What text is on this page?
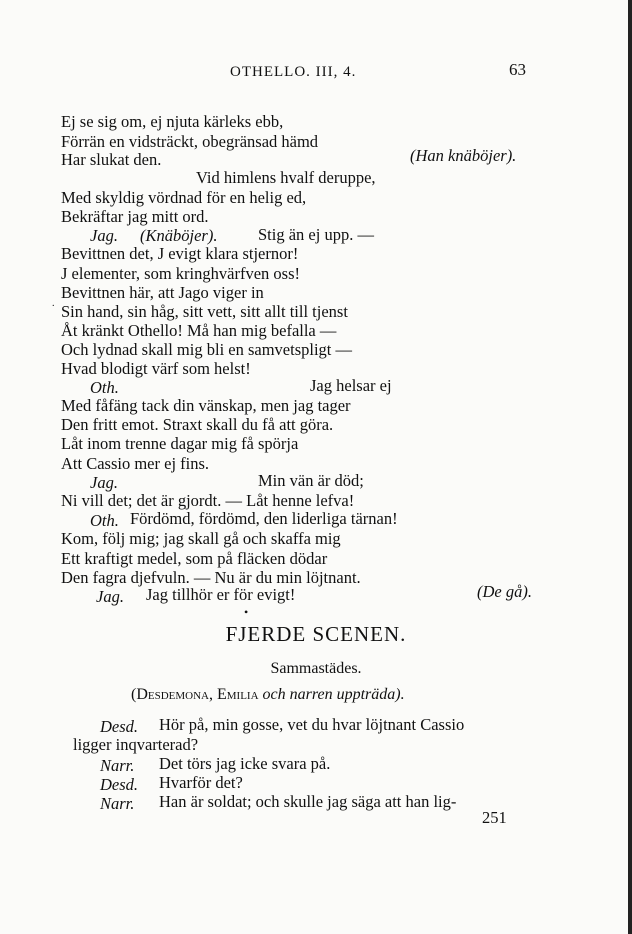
OTHELLO. III, 4.	63
Ej se sig om, ej njuta kärleks ebb,
Förrän en vidsträckt, obegränsad hämd
Har slukat den.	(Han knäböjer).
Vid himlens hvalf deruppe,
Med skyldig vördnad för en helig ed,
Bekräftar jag mitt ord.
Jag. (Knäböjer). Stig än ej upp. —
Bevittnen det, J evigt klara stjernor!
J elementer, som kringhvärfven oss!
Bevittnen här, att Jago viger in
Sin hand, sin håg, sitt vett, sitt allt till tjenst
Åt kränkt Othello! Må han mig befalla —
Och lydnad skall mig bli en samvetspligt —
Hvad blodigt värf som helst!
Oth.	Jag helsar ej
Med fåfäng tack din vänskap, men jag tager
Den fritt emot. Straxt skall du få att göra.
Låt inom trenne dagar mig få spörja
Att Cassio mer ej fins.
Jag.	Min vän är död;
Ni vill det; det är gjordt. — Låt henne lefva!
Oth. Fördömd, fördömd, den liderliga tärnan!
Kom, följ mig; jag skall gå och skaffa mig
Ett kraftigt medel, som på fläcken dödar
Den fagra djefvuln. — Nu är du min löjtnant.
Jag. Jag tillhör er för evigt!	(De gå).
.
•
FJERDE SCENEN.
Sammastädes.
(Desdemona, Emilia och narren uppträda).
Desd. Hör på, min gosse, vet du hvar löjtnant Cassio
ligger inqvarterad?
Narr. Det törs jag icke svara på.
Desd. Hvarför det?
Narr. Han är soldat; och skulle jag säga att han lig-
251
